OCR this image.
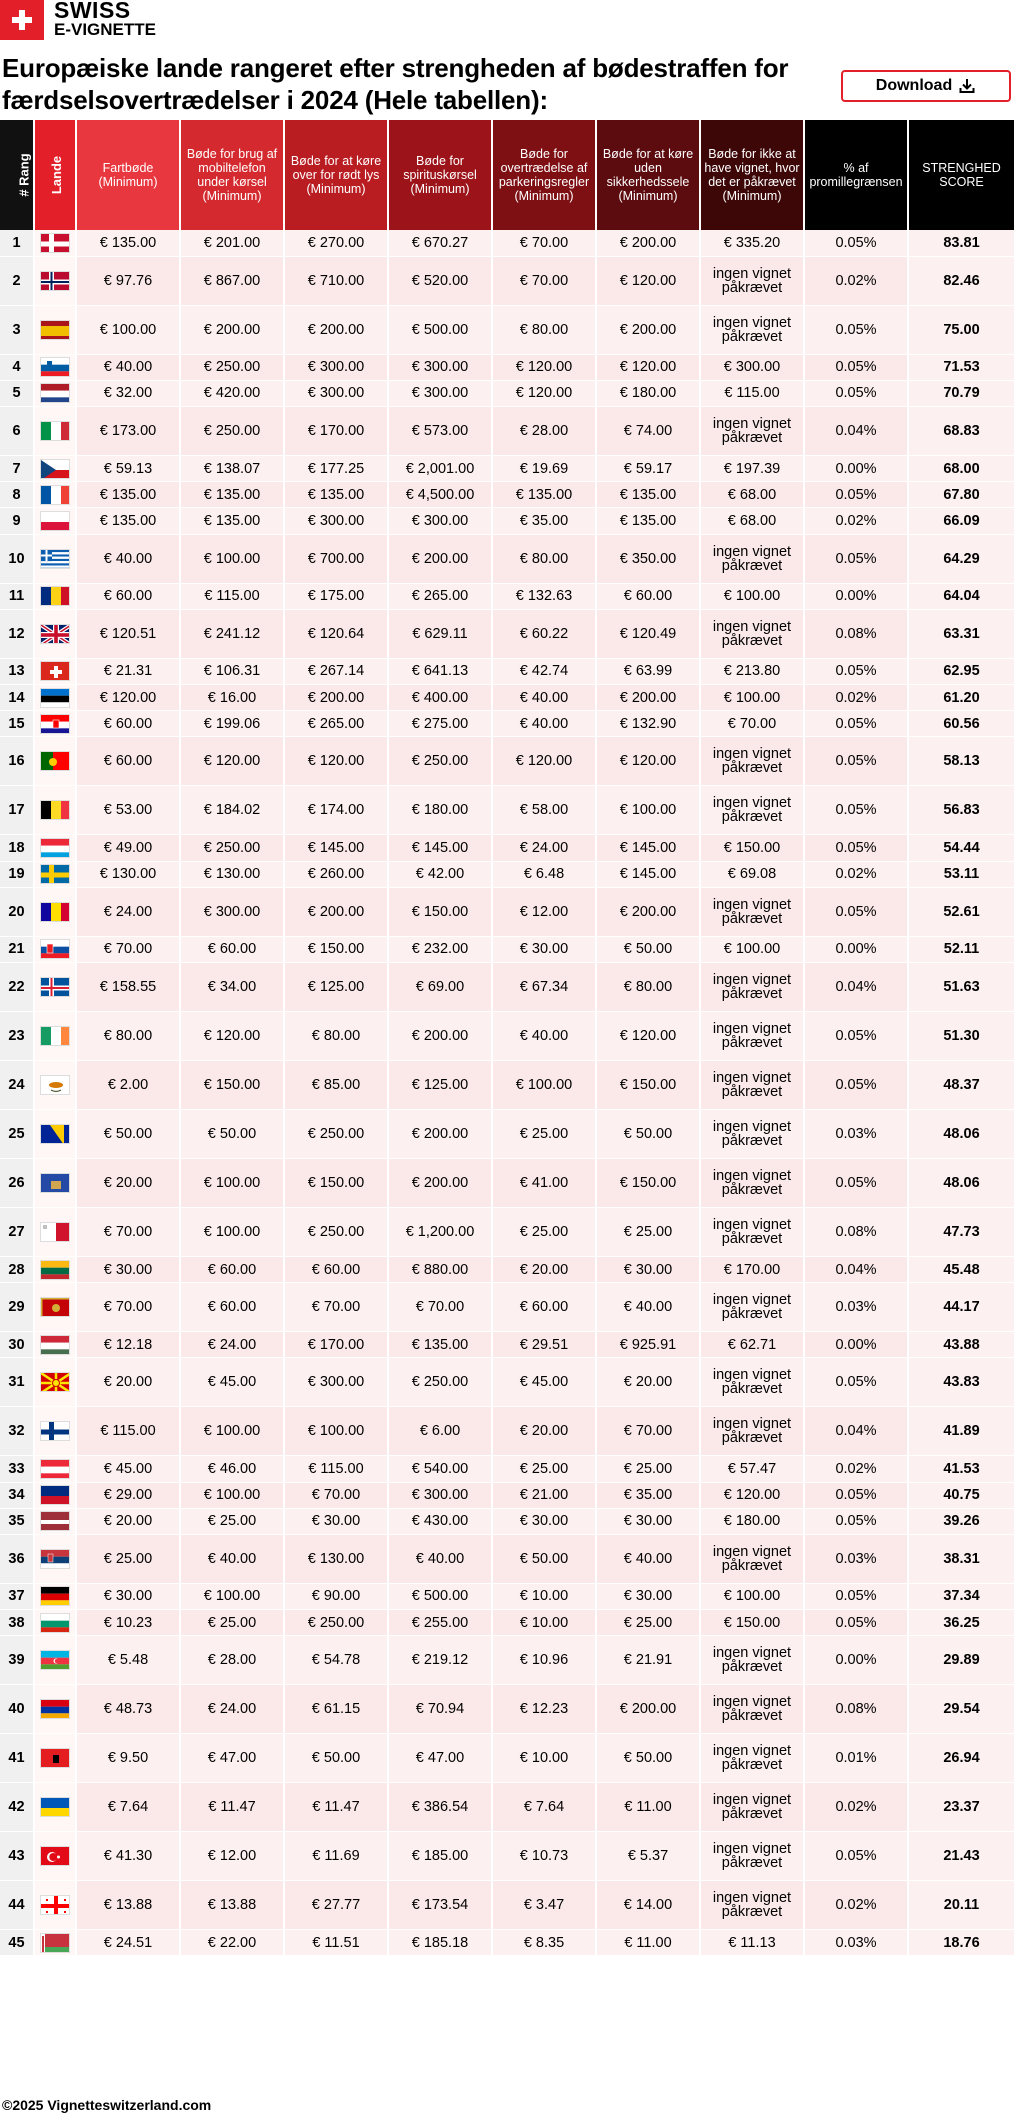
SWISS
E-VIGNETTE
Europæiske lande rangeret efter strengheden af bødestraffen for færdselsovertrædelser i 2024 (Hele tabellen):	Download
# Rang	Lande	Fartbøde (Minimum)	Bøde for brug af mobiltelefon under kørsel (Minimum)	Bøde for at køre over for rødt lys (Minimum)	Bøde for spirituskørsel (Minimum)	Bøde for overtrædelse af parkeringsregler (Minimum)	Bøde for at køre uden sikkerhedssele (Minimum)	Bøde for ikke at have vignet, hvor det er påkrævet (Minimum)	% af promillegrænsen	STRENGHED SCORE
1		€ 135.00	€ 201.00	€ 270.00	€ 670.27	€ 70.00	€ 200.00	€ 335.20	0.05%	83.81
2		€ 97.76	€ 867.00	€ 710.00	€ 520.00	€ 70.00	€ 120.00	ingen vignet påkrævet	0.02%	82.46
3		€ 100.00	€ 200.00	€ 200.00	€ 500.00	€ 80.00	€ 200.00	ingen vignet påkrævet	0.05%	75.00
4		€ 40.00	€ 250.00	€ 300.00	€ 300.00	€ 120.00	€ 120.00	€ 300.00	0.05%	71.53
5		€ 32.00	€ 420.00	€ 300.00	€ 300.00	€ 120.00	€ 180.00	€ 115.00	0.05%	70.79
6		€ 173.00	€ 250.00	€ 170.00	€ 573.00	€ 28.00	€ 74.00	ingen vignet påkrævet	0.04%	68.83
7		€ 59.13	€ 138.07	€ 177.25	€ 2,001.00	€ 19.69	€ 59.17	€ 197.39	0.00%	68.00
8		€ 135.00	€ 135.00	€ 135.00	€ 4,500.00	€ 135.00	€ 135.00	€ 68.00	0.05%	67.80
9		€ 135.00	€ 135.00	€ 300.00	€ 300.00	€ 35.00	€ 135.00	€ 68.00	0.02%	66.09
10		€ 40.00	€ 100.00	€ 700.00	€ 200.00	€ 80.00	€ 350.00	ingen vignet påkrævet	0.05%	64.29
11		€ 60.00	€ 115.00	€ 175.00	€ 265.00	€ 132.63	€ 60.00	€ 100.00	0.00%	64.04
12		€ 120.51	€ 241.12	€ 120.64	€ 629.11	€ 60.22	€ 120.49	ingen vignet påkrævet	0.08%	63.31
13		€ 21.31	€ 106.31	€ 267.14	€ 641.13	€ 42.74	€ 63.99	€ 213.80	0.05%	62.95
14		€ 120.00	€ 16.00	€ 200.00	€ 400.00	€ 40.00	€ 200.00	€ 100.00	0.02%	61.20
15		€ 60.00	€ 199.06	€ 265.00	€ 275.00	€ 40.00	€ 132.90	€ 70.00	0.05%	60.56
16		€ 60.00	€ 120.00	€ 120.00	€ 250.00	€ 120.00	€ 120.00	ingen vignet påkrævet	0.05%	58.13
17		€ 53.00	€ 184.02	€ 174.00	€ 180.00	€ 58.00	€ 100.00	ingen vignet påkrævet	0.05%	56.83
18		€ 49.00	€ 250.00	€ 145.00	€ 145.00	€ 24.00	€ 145.00	€ 150.00	0.05%	54.44
19		€ 130.00	€ 130.00	€ 260.00	€ 42.00	€ 6.48	€ 145.00	€ 69.08	0.02%	53.11
20		€ 24.00	€ 300.00	€ 200.00	€ 150.00	€ 12.00	€ 200.00	ingen vignet påkrævet	0.05%	52.61
21		€ 70.00	€ 60.00	€ 150.00	€ 232.00	€ 30.00	€ 50.00	€ 100.00	0.00%	52.11
22		€ 158.55	€ 34.00	€ 125.00	€ 69.00	€ 67.34	€ 80.00	ingen vignet påkrævet	0.04%	51.63
23		€ 80.00	€ 120.00	€ 80.00	€ 200.00	€ 40.00	€ 120.00	ingen vignet påkrævet	0.05%	51.30
24		€ 2.00	€ 150.00	€ 85.00	€ 125.00	€ 100.00	€ 150.00	ingen vignet påkrævet	0.05%	48.37
25		€ 50.00	€ 50.00	€ 250.00	€ 200.00	€ 25.00	€ 50.00	ingen vignet påkrævet	0.03%	48.06
26		€ 20.00	€ 100.00	€ 150.00	€ 200.00	€ 41.00	€ 150.00	ingen vignet påkrævet	0.05%	48.06
27		€ 70.00	€ 100.00	€ 250.00	€ 1,200.00	€ 25.00	€ 25.00	ingen vignet påkrævet	0.08%	47.73
28		€ 30.00	€ 60.00	€ 60.00	€ 880.00	€ 20.00	€ 30.00	€ 170.00	0.04%	45.48
29		€ 70.00	€ 60.00	€ 70.00	€ 70.00	€ 60.00	€ 40.00	ingen vignet påkrævet	0.03%	44.17
30		€ 12.18	€ 24.00	€ 170.00	€ 135.00	€ 29.51	€ 925.91	€ 62.71	0.00%	43.88
31		€ 20.00	€ 45.00	€ 300.00	€ 250.00	€ 45.00	€ 20.00	ingen vignet påkrævet	0.05%	43.83
32		€ 115.00	€ 100.00	€ 100.00	€ 6.00	€ 20.00	€ 70.00	ingen vignet påkrævet	0.04%	41.89
33		€ 45.00	€ 46.00	€ 115.00	€ 540.00	€ 25.00	€ 25.00	€ 57.47	0.02%	41.53
34		€ 29.00	€ 100.00	€ 70.00	€ 300.00	€ 21.00	€ 35.00	€ 120.00	0.05%	40.75
35		€ 20.00	€ 25.00	€ 30.00	€ 430.00	€ 30.00	€ 30.00	€ 180.00	0.05%	39.26
36		€ 25.00	€ 40.00	€ 130.00	€ 40.00	€ 50.00	€ 40.00	ingen vignet påkrævet	0.03%	38.31
37		€ 30.00	€ 100.00	€ 90.00	€ 500.00	€ 10.00	€ 30.00	€ 100.00	0.05%	37.34
38		€ 10.23	€ 25.00	€ 250.00	€ 255.00	€ 10.00	€ 25.00	€ 150.00	0.05%	36.25
39		€ 5.48	€ 28.00	€ 54.78	€ 219.12	€ 10.96	€ 21.91	ingen vignet påkrævet	0.00%	29.89
40		€ 48.73	€ 24.00	€ 61.15	€ 70.94	€ 12.23	€ 200.00	ingen vignet påkrævet	0.08%	29.54
41		€ 9.50	€ 47.00	€ 50.00	€ 47.00	€ 10.00	€ 50.00	ingen vignet påkrævet	0.01%	26.94
42		€ 7.64	€ 11.47	€ 11.47	€ 386.54	€ 7.64	€ 11.00	ingen vignet påkrævet	0.02%	23.37
43		€ 41.30	€ 12.00	€ 11.69	€ 185.00	€ 10.73	€ 5.37	ingen vignet påkrævet	0.05%	21.43
44		€ 13.88	€ 13.88	€ 27.77	€ 173.54	€ 3.47	€ 14.00	ingen vignet påkrævet	0.02%	20.11
45		€ 24.51	€ 22.00	€ 11.51	€ 185.18	€ 8.35	€ 11.00	€ 11.13	0.03%	18.76
©2025 Vignetteswitzerland.com
